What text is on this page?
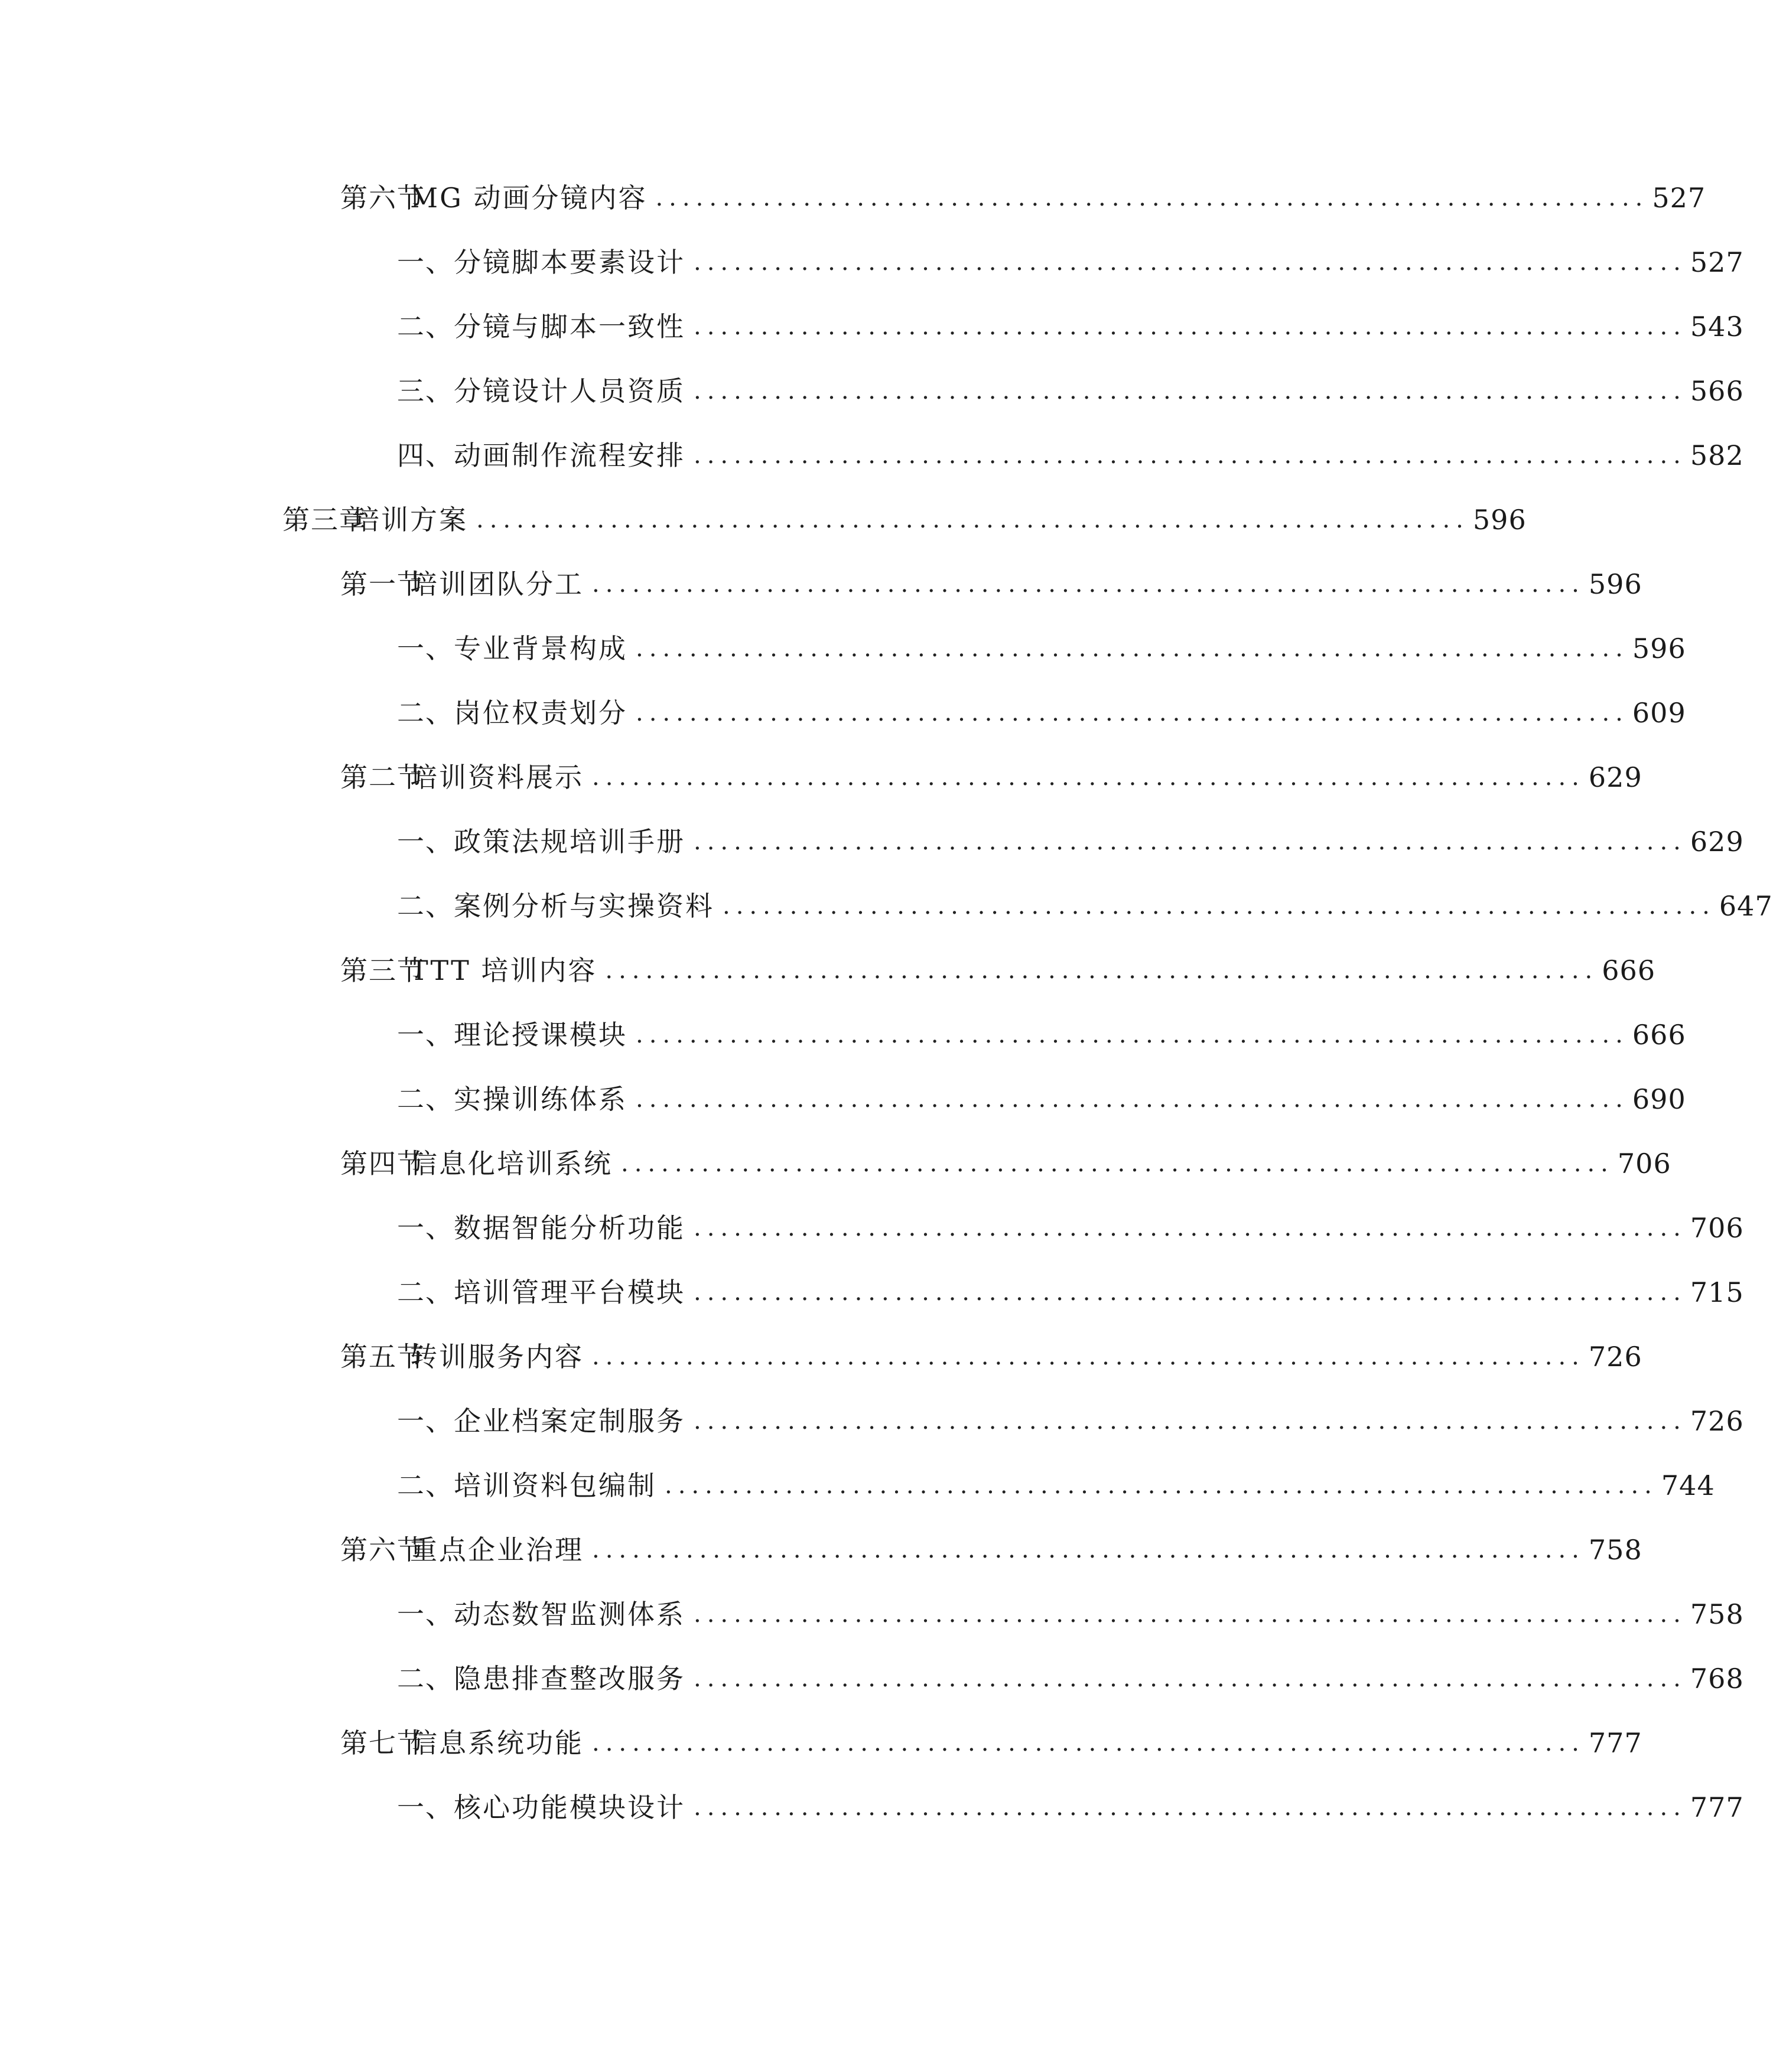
第六节
MG 动画分镜内容 .......................................................................... 527
一、 分镜脚本要素设计 .......................................................................... 527
二、 分镜与脚本一致性 .......................................................................... 543
三、 分镜设计人员资质 .......................................................................... 566
四、 动画制作流程安排 .......................................................................... 582
第三章
培训方案 .......................................................................... 596
第一节
培训团队分工 .......................................................................... 596
一、 专业背景构成 .......................................................................... 596
二、 岗位权责划分 .......................................................................... 609
第二节
培训资料展示 .......................................................................... 629
一、 政策法规培训手册 .......................................................................... 629
二、 案例分析与实操资料 .......................................................................... 647
第三节
TTT 培训内容 .......................................................................... 666
一、 理论授课模块 .......................................................................... 666
二、 实操训练体系 .......................................................................... 690
第四节
信息化培训系统 .......................................................................... 706
一、 数据智能分析功能 .......................................................................... 706
二、 培训管理平台模块 .......................................................................... 715
第五节
转训服务内容 .......................................................................... 726
一、 企业档案定制服务 .......................................................................... 726
二、 培训资料包编制 .......................................................................... 744
第六节
重点企业治理 .......................................................................... 758
一、 动态数智监测体系 .......................................................................... 758
二、 隐患排查整改服务 .......................................................................... 768
第七节
信息系统功能 .......................................................................... 777
一、 核心功能模块设计 .......................................................................... 777
